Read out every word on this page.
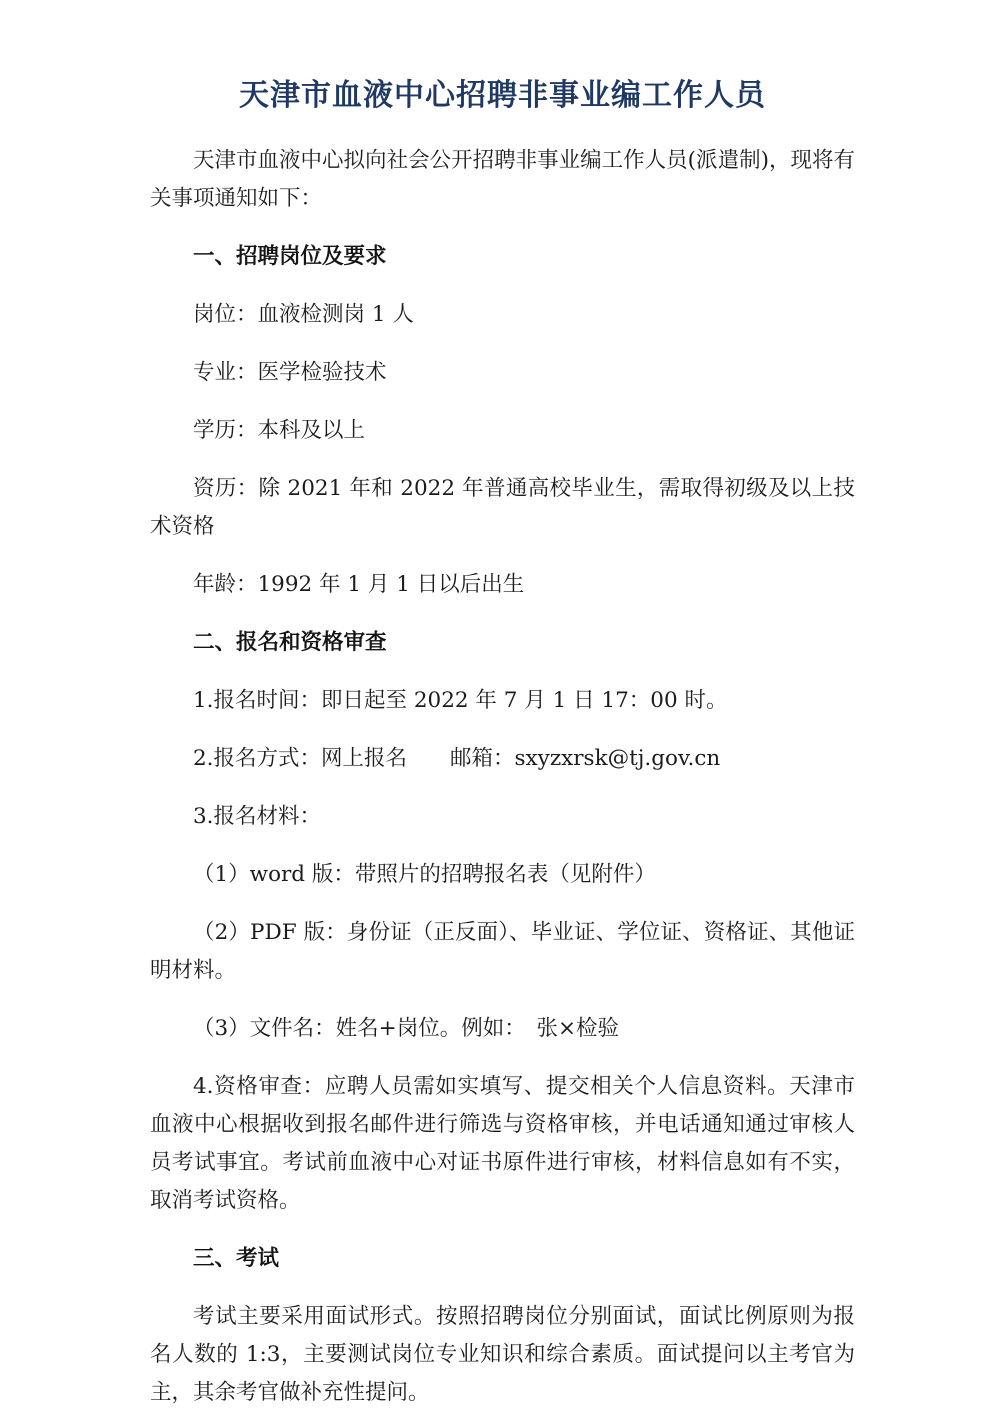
天津市血液中心招聘非事业编工作人员

天津市血液中心拟向社会公开招聘非事业编工作人员(派遣制)，现将有关事项通知如下：

一、招聘岗位及要求

岗位：血液检测岗 1 人

专业：医学检验技术

学历：本科及以上

资历：除 2021 年和 2022 年普通高校毕业生，需取得初级及以上技术资格

年龄：1992 年 1 月 1 日以后出生

二、报名和资格审查

1.报名时间：即日起至 2022 年 7 月 1 日 17：00 时。

2.报名方式：网上报名　　邮箱：sxyzxrsk@tj.gov.cn

3.报名材料：

（1）word 版：带照片的招聘报名表（见附件）

（2）PDF 版：身份证（正反面）、毕业证、学位证、资格证、其他证明材料。

（3）文件名：姓名+岗位。例如：　张×检验

4.资格审查：应聘人员需如实填写、提交相关个人信息资料。天津市血液中心根据收到报名邮件进行筛选与资格审核，并电话通知通过审核人员考试事宜。考试前血液中心对证书原件进行审核，材料信息如有不实，取消考试资格。

三、考试

考试主要采用面试形式。按照招聘岗位分别面试，面试比例原则为报名人数的 1:3，主要测试岗位专业知识和综合素质。面试提问以主考官为主，其余考官做补充性提问。
